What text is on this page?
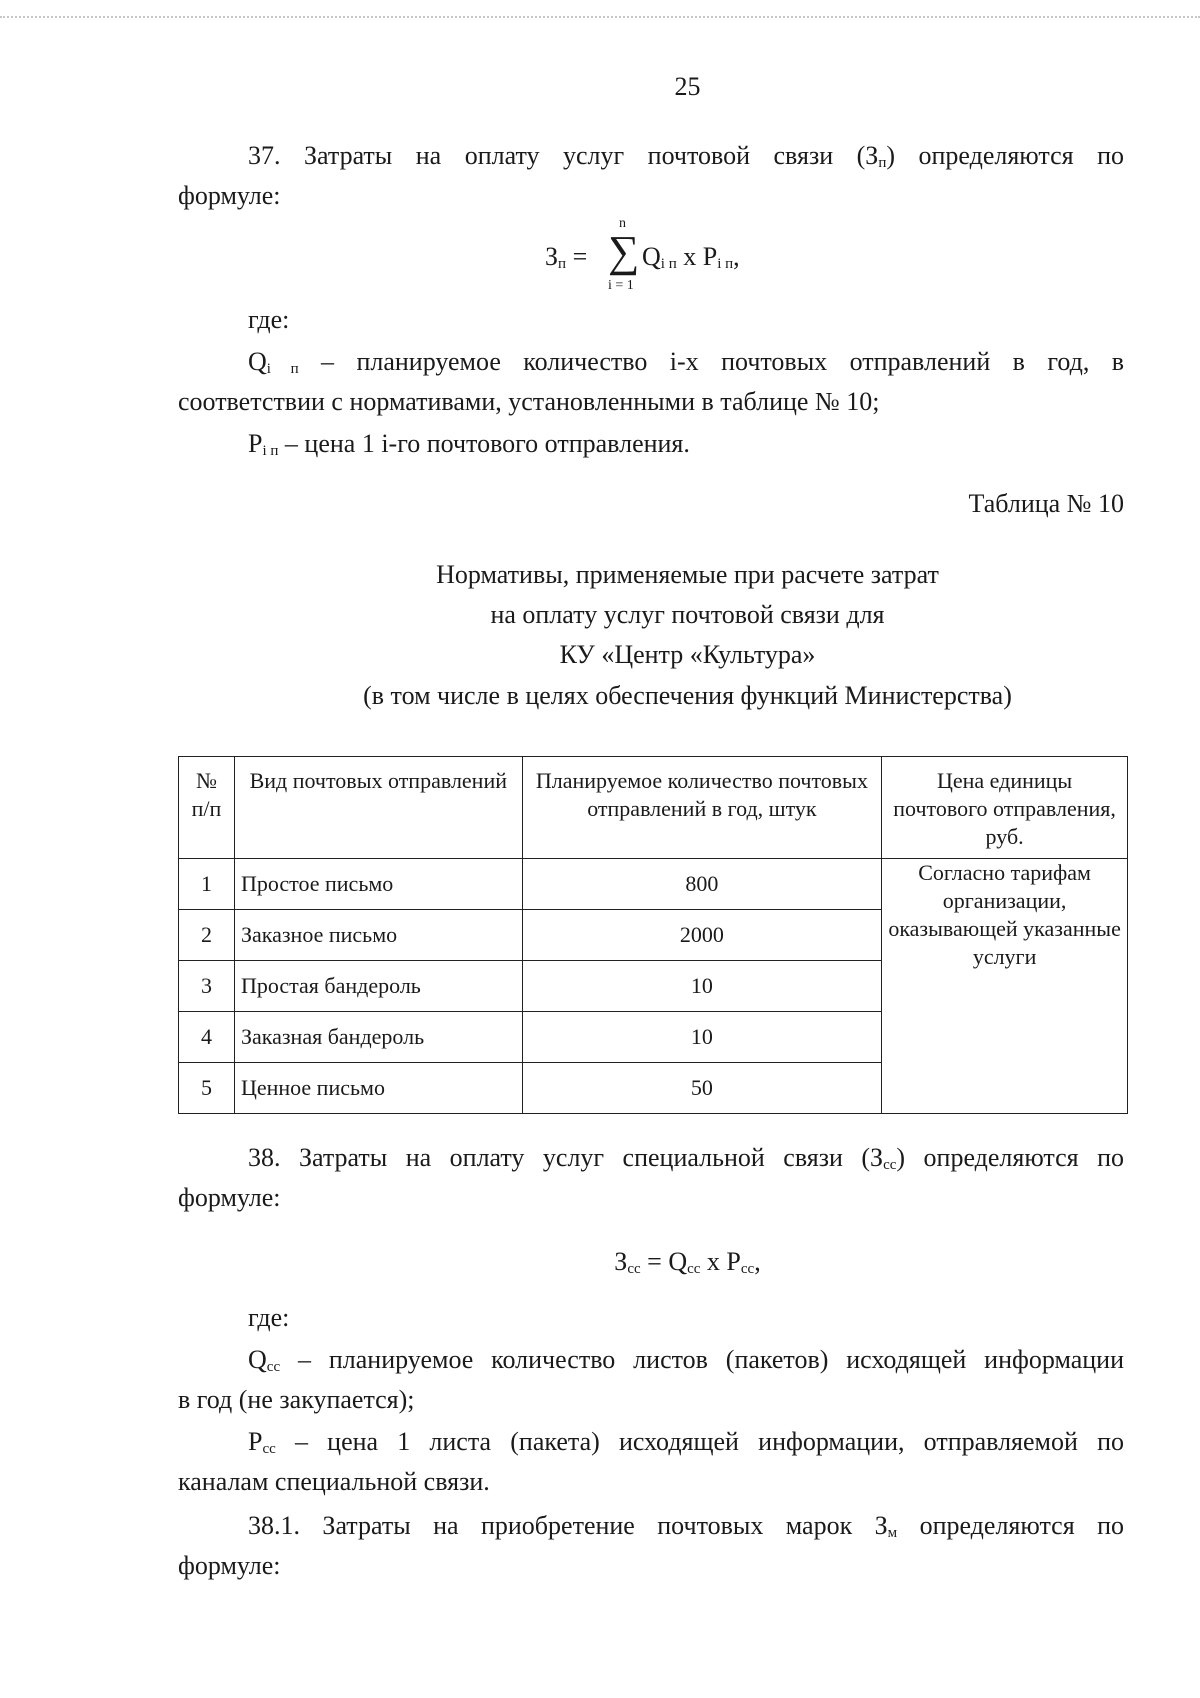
25
37. Затраты на оплату услуг почтовой связи $(З_п)$ определяются по
формуле:
$З_п$ =
n
∑
i = 1
$Q_{i п}$ x $P_{i п}$,
где:
$Q_{i п}$ – планируемое количество i-х почтовых отправлений в год, в
соответствии с нормативами, установленными в таблице № 10;
$P_{i п}$ – цена 1 i-го почтового отправления.
Таблица № 10
Нормативы, применяемые при расчете затрат
на оплату услуг почтовой связи для
КУ «Центр «Культура»
(в том числе в целях обеспечения функций Министерства)
№ п/п	Вид почтовых отправлений	Планируемое количество почтовых отправлений в год, штук	Цена единицы почтового отправления, руб.
1	Простое письмо	800	Согласно тарифам организации, оказывающей указанные услуги
2	Заказное письмо	2000	
3	Простая бандероль	10	
4	Заказная бандероль	10	
5	Ценное письмо	50	
38. Затраты на оплату услуг специальной связи $(З_{сс})$ определяются по
формуле:
$З_{сс} = Q_{сс}$ x $P_{сс}$,
где:
$Q_{сс}$ – планируемое количество листов (пакетов) исходящей информации
в год (не закупается);
$P_{сс}$ – цена 1 листа (пакета) исходящей информации, отправляемой по
каналам специальной связи.
38.1. Затраты на приобретение почтовых марок $З_м$ определяются по
формуле:
